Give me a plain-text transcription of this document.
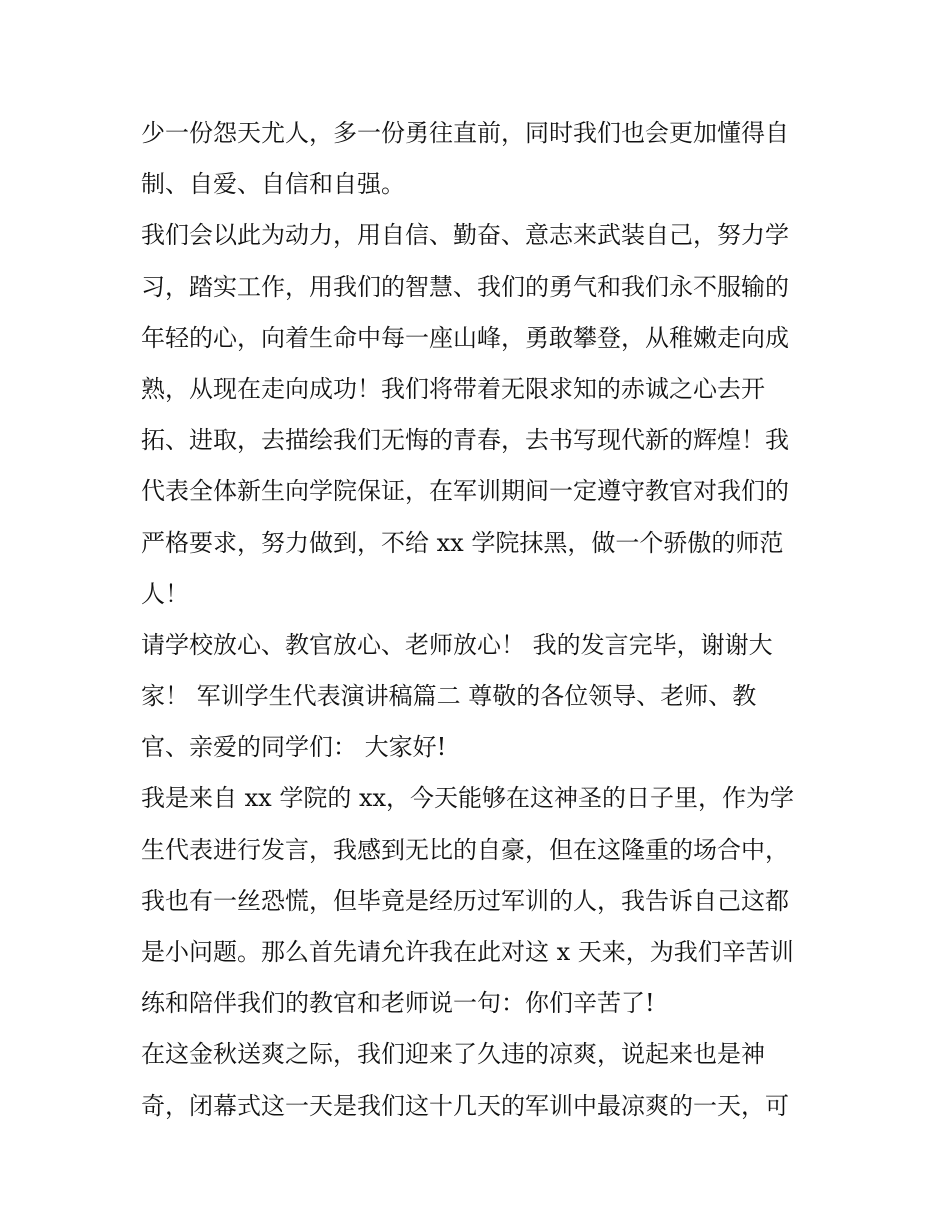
少一份怨天尤人，多一份勇往直前，同时我们也会更加懂得自
制、自爱、自信和自强。
我们会以此为动力，用自信、勤奋、意志来武装自己，努力学
习，踏实工作，用我们的智慧、我们的勇气和我们永不服输的
年轻的心，向着生命中每一座山峰，勇敢攀登，从稚嫩走向成
熟，从现在走向成功！我们将带着无限求知的赤诚之心去开
拓、进取，去描绘我们无悔的青春，去书写现代新的辉煌！我
代表全体新生向学院保证，在军训期间一定遵守教官对我们的
严格要求，努力做到，不给 xx 学院抹黑，做一个骄傲的师范
人！
请学校放心、教官放心、老师放心！ 我的发言完毕，谢谢大
家！ 军训学生代表演讲稿篇二 尊敬的各位领导、老师、教
官、亲爱的同学们： 大家好!
我是来自 xx 学院的 xx，今天能够在这神圣的日子里，作为学
生代表进行发言，我感到无比的自豪，但在这隆重的场合中，
我也有一丝恐慌，但毕竟是经历过军训的人，我告诉自己这都
是小问题。那么首先请允许我在此对这 x 天来，为我们辛苦训
练和陪伴我们的教官和老师说一句：你们辛苦了!
在这金秋送爽之际，我们迎来了久违的凉爽，说起来也是神
奇，闭幕式这一天是我们这十几天的军训中最凉爽的一天，可
